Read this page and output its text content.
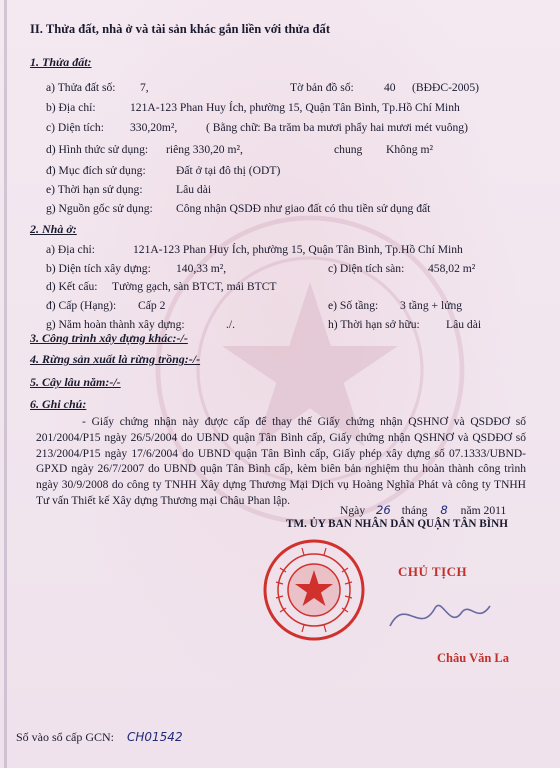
II. Thửa đất, nhà ở và tài sản khác gắn liền với thửa đất
1. Thửa đất:
a) Thửa đất số: 7,	Tờ bản đồ số:	40 (BĐĐC-2005)
b) Địa chỉ:	121A-123 Phan Huy Ích, phường 15, Quận Tân Bình, Tp.Hồ Chí Minh
c) Diện tích: 330,20m², ( Bằng chữ: Ba trăm ba mươi phẩy hai mươi mét vuông)
d) Hình thức sử dụng: riêng 330,20 m²,	chung Không m²
đ) Mục đích sử dụng:	Đất ở tại đô thị (ODT)
e) Thời hạn sử dụng:	Lâu dài
g) Nguồn gốc sử dụng: Công nhận QSDĐ như giao đất có thu tiền sử dụng đất
2. Nhà ở:
a) Địa chỉ:	121A-123 Phan Huy Ích, phường 15, Quận Tân Bình, Tp.Hồ Chí Minh
b) Diện tích xây dựng: 140,33 m²,	c) Diện tích sàn: 458,02 m²
d) Kết cấu: Tường gạch, sàn BTCT, mái BTCT
đ) Cấp (Hạng): Cấp 2	e) Số tầng: 3 tầng + lửng
g) Năm hoàn thành xây dựng:	./.	h) Thời hạn sở hữu: Lâu dài
3. Công trình xây dựng khác:-/-
4. Rừng sản xuất là rừng trồng:-/-
5. Cây lâu năm:-/-
6. Ghi chú:
- Giấy chứng nhận này được cấp để thay thế Giấy chứng nhận QSHNƠ và QSDĐƠ số 201/2004/P15 ngày 26/5/2004 do UBND quận Tân Bình cấp, Giấy chứng nhận QSHNƠ và QSDĐƠ số 213/2004/P15 ngày 17/6/2004 do UBND quận Tân Bình cấp, Giấy phép xây dựng số 07.1333/UBND-GPXD ngày 26/7/2007 do UBND quận Tân Bình cấp, kèm biên bản nghiệm thu hoàn thành công trình ngày 30/9/2008 do công ty TNHH Xây dựng Thương Mại Dịch vụ Hoàng Nghĩa Phát và công ty TNHH Tư vấn Thiết kế Xây dựng Thương mại Châu Phan lập.
Ngày 26 tháng 8 năm 2011
TM. ỦY BAN NHÂN DÂN QUẬN TÂN BÌNH
CHỦ TỊCH
Châu Văn La
Số vào sổ cấp GCN: CH01542
